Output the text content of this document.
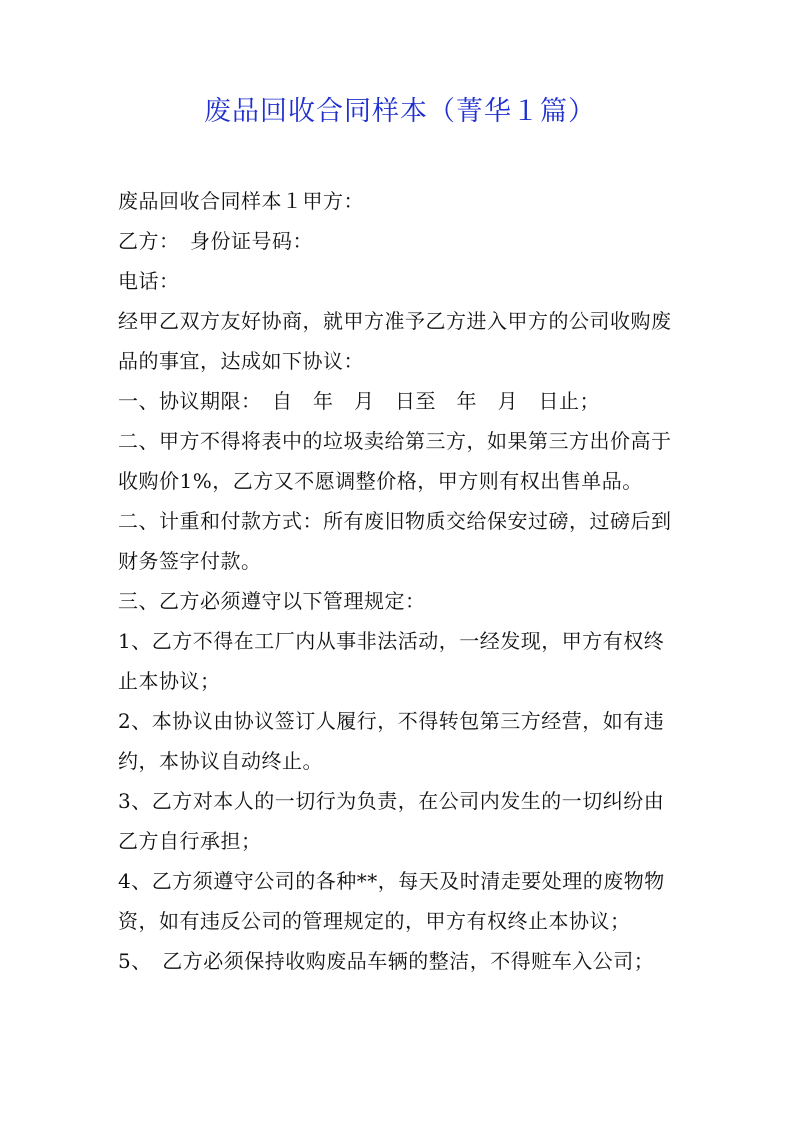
废品回收合同样本（菁华１篇）

废品回收合同样本１甲方：

乙方：　身份证号码：

电话：

经甲乙双方友好协商，就甲方准予乙方进入甲方的公司收购废品的事宜，达成如下协议：

一、协议期限：　自　年　月　日至　年　月　日止；

二、甲方不得将表中的垃圾卖给第三方，如果第三方出价高于收购价1%，乙方又不愿调整价格，甲方则有权出售单品。

二、计重和付款方式：所有废旧物质交给保安过磅，过磅后到财务签字付款。

三、乙方必须遵守以下管理规定：

1、乙方不得在工厂内从事非法活动，一经发现，甲方有权终止本协议；

2、本协议由协议签订人履行，不得转包第三方经营，如有违约，本协议自动终止。

3、乙方对本人的一切行为负责，在公司内发生的一切纠纷由乙方自行承担；

4、乙方须遵守公司的各种**，每天及时清走要处理的废物物资，如有违反公司的管理规定的，甲方有权终止本协议；

5、　乙方必须保持收购废品车辆的整洁，不得赃车入公司；
